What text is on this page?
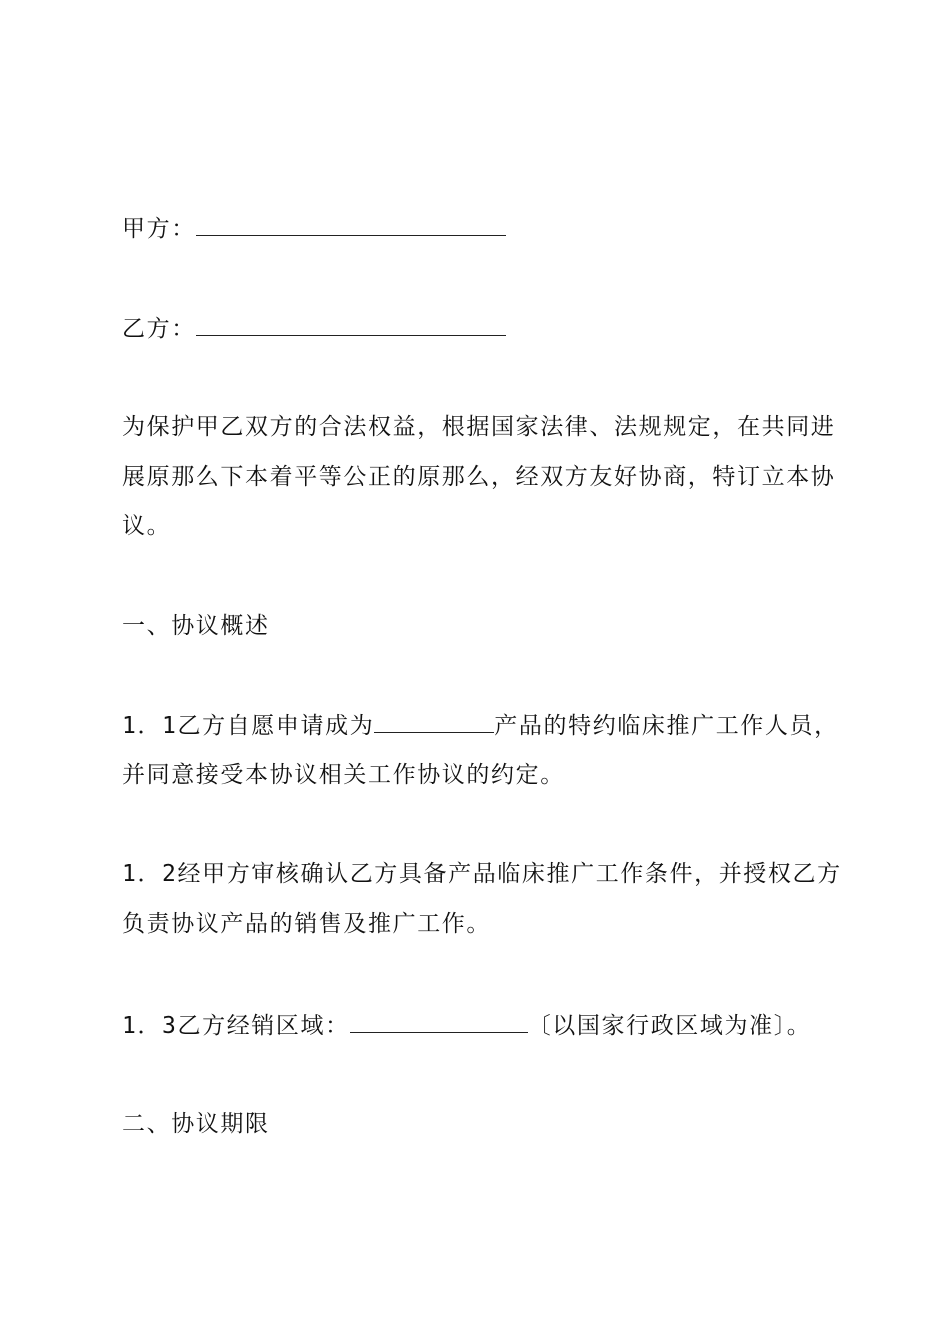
甲方：
乙方：
为保护甲乙双方的合法权益，根据国家法律、法规规定，在共同进
展原那么下本着平等公正的原那么，经双方友好协商，特订立本协
议。
一、协议概述
1．1乙方自愿申请成为	产品的特约临床推广工作人员，
并同意接受本协议相关工作协议的约定。
1．2经甲方审核确认乙方具备产品临床推广工作条件，并授权乙方
负责协议产品的销售及推广工作。
1．3乙方经销区域：	〔以国家行政区域为准〕。
二、协议期限
